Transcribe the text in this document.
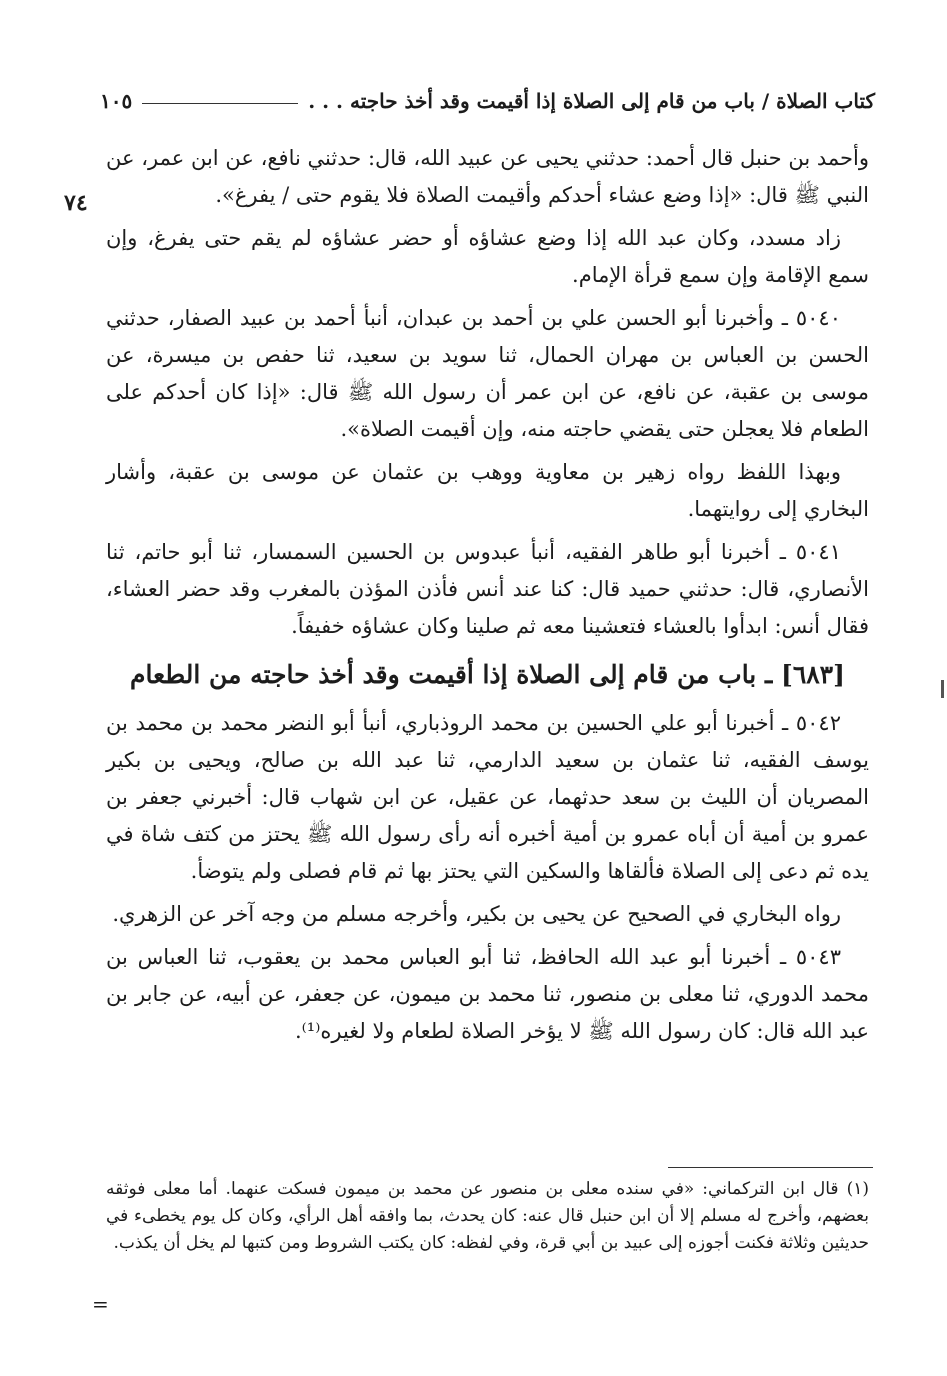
كتاب الصلاة / باب من قام إلى الصلاة إذا أقيمت وقد أخذ حاجته . . .
١٠٥
٧٤

وأحمد بن حنبل قال أحمد: حدثني يحيى عن عبيد الله، قال: حدثني نافع، عن ابن عمر، عن النبي ﷺ قال: «إذا وضع عشاء أحدكم وأقيمت الصلاة فلا يقوم حتى / يفرغ».

زاد مسدد، وكان عبد الله إذا وضع عشاؤه أو حضر عشاؤه لم يقم حتى يفرغ، وإن سمع الإقامة وإن سمع قرأة الإمام.

٥٠٤٠ ـ وأخبرنا أبو الحسن علي بن أحمد بن عبدان، أنبأ أحمد بن عبيد الصفار، حدثني الحسن بن العباس بن مهران الحمال، ثنا سويد بن سعيد، ثنا حفص بن ميسرة، عن موسى بن عقبة، عن نافع، عن ابن عمر أن رسول الله ﷺ قال: «إذا كان أحدكم على الطعام فلا يعجلن حتى يقضي حاجته منه، وإن أقيمت الصلاة».

وبهذا اللفظ رواه زهير بن معاوية ووهب بن عثمان عن موسى بن عقبة، وأشار البخاري إلى روايتهما.

٥٠٤١ ـ أخبرنا أبو طاهر الفقيه، أنبأ عبدوس بن الحسين السمسار، ثنا أبو حاتم، ثنا الأنصاري، قال: حدثني حميد قال: كنا عند أنس فأذن المؤذن بالمغرب وقد حضر العشاء، فقال أنس: ابدأوا بالعشاء فتعشينا معه ثم صلينا وكان عشاؤه خفيفاً.

[٦٨٣] ـ باب من قام إلى الصلاة إذا أقيمت وقد أخذ حاجته من الطعام

٥٠٤٢ ـ أخبرنا أبو علي الحسين بن محمد الروذباري، أنبأ أبو النضر محمد بن محمد بن يوسف الفقيه، ثنا عثمان بن سعيد الدارمي، ثنا عبد الله بن صالح، ويحيى بن بكير المصريان أن الليث بن سعد حدثهما، عن عقيل، عن ابن شهاب قال: أخبرني جعفر بن عمرو بن أمية أن أباه عمرو بن أمية أخبره أنه رأى رسول الله ﷺ يحتز من كتف شاة في يده ثم دعى إلى الصلاة فألقاها والسكين التي يحتز بها ثم قام فصلى ولم يتوضأ.

رواه البخاري في الصحيح عن يحيى بن بكير، وأخرجه مسلم من وجه آخر عن الزهري.

٥٠٤٣ ـ أخبرنا أبو عبد الله الحافظ، ثنا أبو العباس محمد بن يعقوب، ثنا العباس بن محمد الدوري، ثنا معلى بن منصور، ثنا محمد بن ميمون، عن جعفر، عن أبيه، عن جابر بن عبد الله قال: كان رسول الله ﷺ لا يؤخر الصلاة لطعام ولا لغيره⁽¹⁾.

(١) قال ابن التركماني: «في سنده معلى بن منصور عن محمد بن ميمون فسكت عنهما. أما معلى فوثقه بعضهم، وأخرج له مسلم إلا أن ابن حنبل قال عنه: كان يحدث، بما وافقه أهل الرأي، وكان كل يوم يخطىء في حديثين وثلاثة فكنت أجوزه إلى عبيد بن أبي قرة، وفي لفظه: كان يكتب الشروط ومن كتبها لم يخل أن يكذب.
=
